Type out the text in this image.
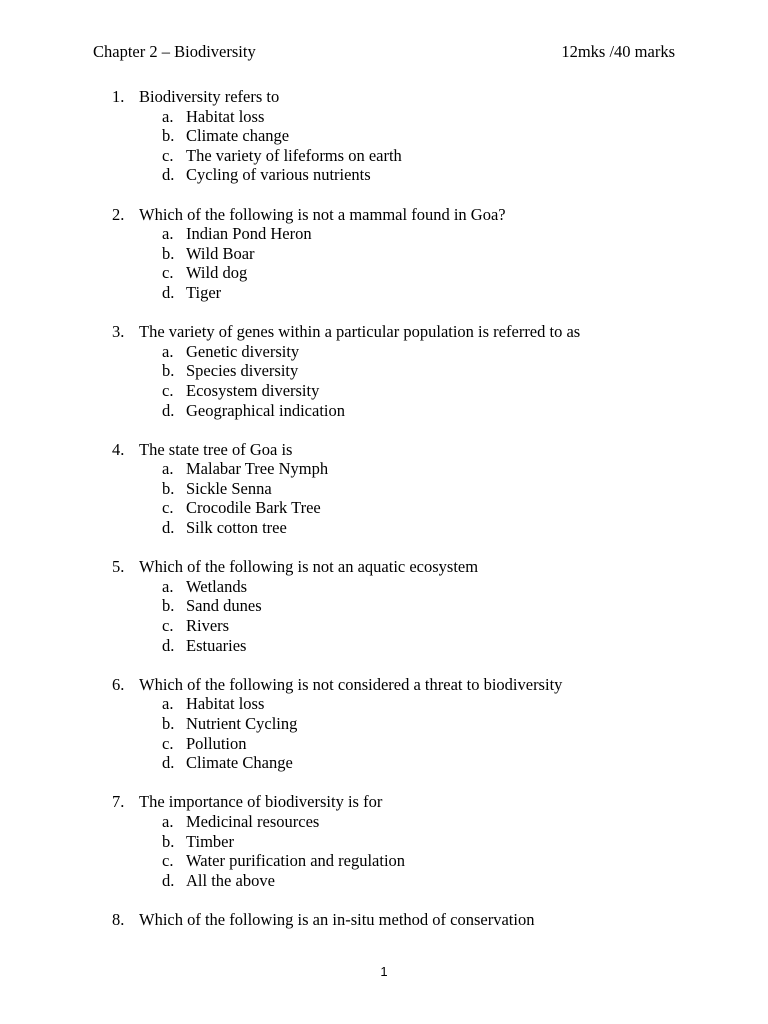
Chapter 2 – Biodiversity	12mks /40 marks
1. Biodiversity refers to
a. Habitat loss
b. Climate change
c. The variety of lifeforms on earth
d. Cycling of various nutrients
2. Which of the following is not a mammal found in Goa?
a. Indian Pond Heron
b. Wild Boar
c. Wild dog
d. Tiger
3. The variety of genes within a particular population is referred to as
a. Genetic diversity
b. Species diversity
c. Ecosystem diversity
d. Geographical indication
4. The state tree of Goa is
a. Malabar Tree Nymph
b. Sickle Senna
c. Crocodile Bark Tree
d. Silk cotton tree
5. Which of the following is not an aquatic ecosystem
a. Wetlands
b. Sand dunes
c. Rivers
d. Estuaries
6. Which of the following is not considered a threat to biodiversity
a. Habitat loss
b. Nutrient Cycling
c. Pollution
d. Climate Change
7. The importance of biodiversity is for
a. Medicinal resources
b. Timber
c. Water purification and regulation
d. All the above
8. Which of the following is an in-situ method of conservation
1
